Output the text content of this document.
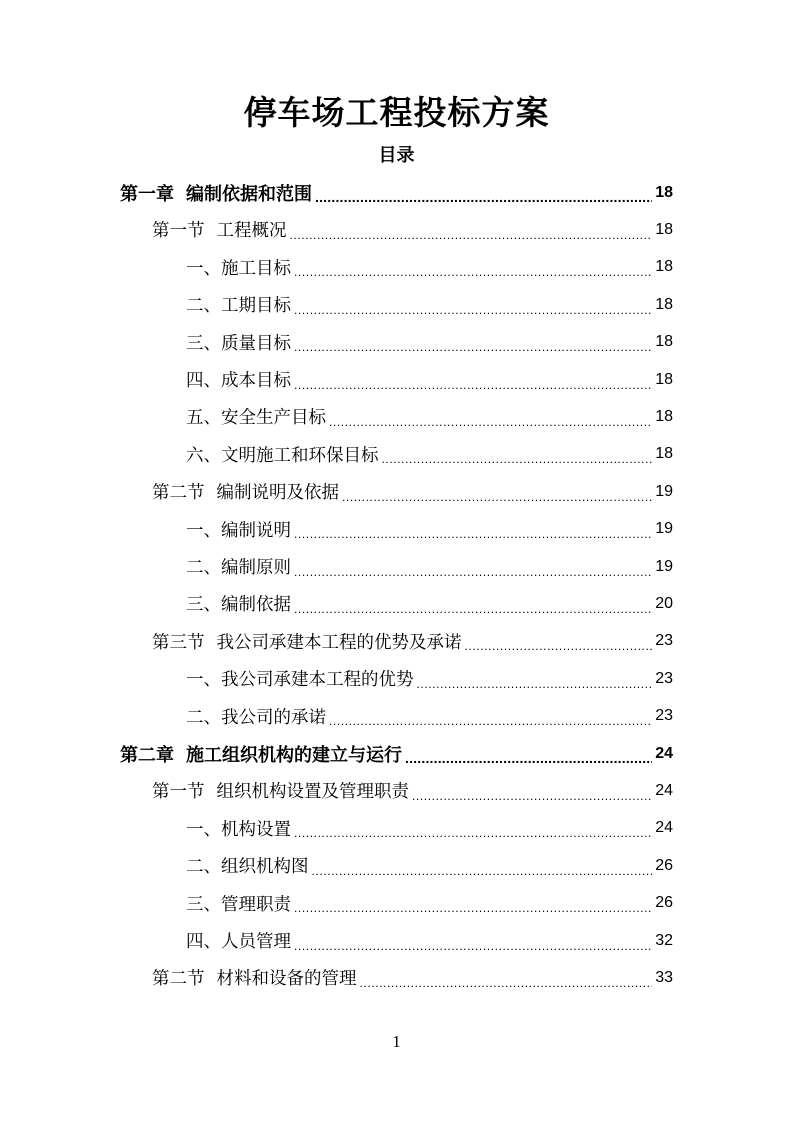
停车场工程投标方案
目录
第一章 编制依据和范围 .....	18
第一节 工程概况 .....	18
一、施工目标 .....	18
二、工期目标 .....	18
三、质量目标 .....	18
四、成本目标 .....	18
五、安全生产目标 .....	18
六、文明施工和环保目标 .....	18
第二节 编制说明及依据 .....	19
一、编制说明 .....	19
二、编制原则 .....	19
三、编制依据 .....	20
第三节 我公司承建本工程的优势及承诺 .....	23
一、我公司承建本工程的优势 .....	23
二、我公司的承诺 .....	23
第二章 施工组织机构的建立与运行 .....	24
第一节 组织机构设置及管理职责 .....	24
一、机构设置 .....	24
二、组织机构图 .....	26
三、管理职责 .....	26
四、人员管理 .....	32
第二节 材料和设备的管理 .....	33
1
